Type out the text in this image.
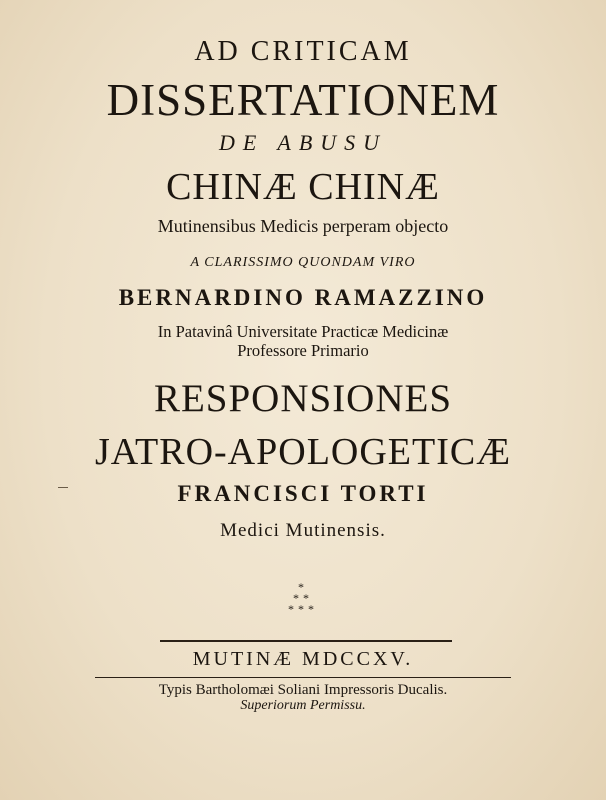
AD CRITICAM
DISSERTATIONEM
DE ABUSU
CHINÆ CHINÆ
Mutinensibus Medicis perperam objecto
A CLARISSIMO QUONDAM VIRO
BERNARDINO RAMAZZINO
In Patavinâ Universitate Practicæ Medicinæ
Professore Primario
RESPONSIONES
JATRO-APOLOGETICÆ
FRANCISCI TORTI
Medici Mutinensis.
*
**
***
MUTINÆ MDCCXV.
Typis Bartholomæi Soliani Impressoris Ducalis.
Superiorum Permissu.
